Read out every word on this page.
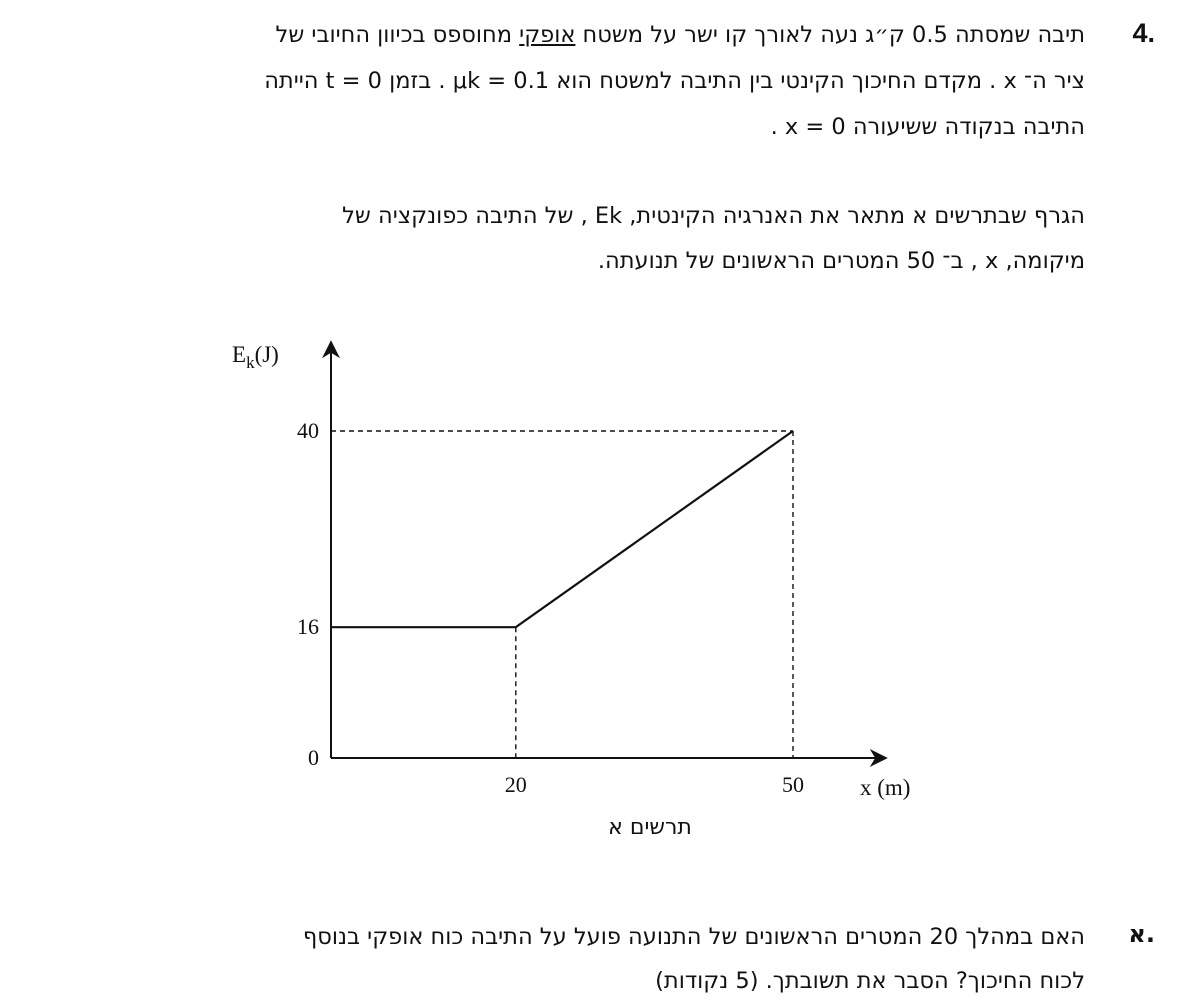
4.
תיבה שמסתה 0.5 ק״ג נעה לאורך קו ישר על משטח אופקי מחוספס בכיוון החיובי של
ציר ה־ x . מקדם החיכוך הקינטי בין התיבה למשטח הוא μk = 0.1 . בזמן t = 0 הייתה
התיבה בנקודה ששיעורה x = 0 .
הגרף שבתרשים א מתאר את האנרגיה הקינטית, Ek , של התיבה כפונקציה של
מיקומה, x , ב־ 50 המטרים הראשונים של תנועתה.
0
16
40
20	50
$E_k(J)$
x (m)
תרשים א
א.
האם במהלך 20 המטרים הראשונים של התנועה פועל על התיבה כוח אופקי בנוסף
לכוח החיכוך? הסבר את תשובתך. (5 נקודות)
